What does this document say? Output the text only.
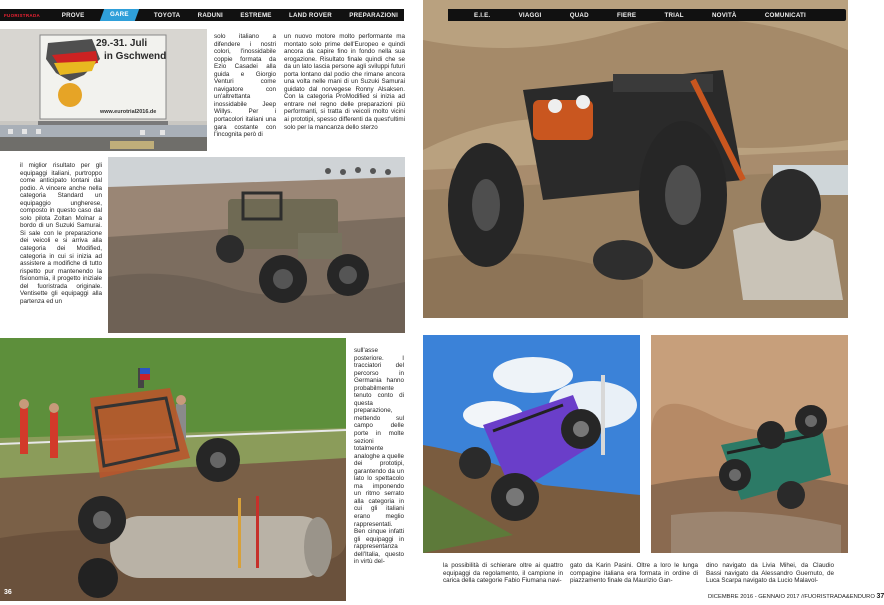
FUORISTRADA	PROVE	GARE	TOYOTA	RADUNI	ESTREME	LAND ROVER	PREPARAZIONI	E.I.E.	VIAGGI	QUAD	FIERE	TRIAL	NOVITÀ	COMUNICATI
29.-31. Juli
in Gschwend
www.eurotrial2016.de
solo italiano a difendere i nostri colori, l'inossidabile coppie formata da Ezio Casadei alla guida e Giorgio Venturi come navigatore con un'altrettanta inossidabile Jeep Willys. Per i portacolori italiani una gara costante con l'incognita però di
un nuovo motore molto performante ma montato solo prime dell'Europeo e quindi ancora da capire fino in fondo nella sua erogazione. Risultato finale quindi che se da un lato lascia persone agli sviluppi futuri porta lontano dal podio che rimane ancora una volta nelle mani di un Suzuki Samurai guidato dal norvegese Ronny Alsaksen. Con la categoria ProModified si inizia ad entrare nel regno delle preparazioni più performanti, si tratta di veicoli molto vicini ai prototipi, spesso differenti da quest'ultimi solo per la mancanza dello sterzo
il miglior risultato per gli equipaggi italiani, purtroppo come anticipato lontani dal podio. A vincere anche nella categoria Standard un equipaggio ungherese, composto in questo caso dal solo pilota Zoltan Molnar a bordo di un Suzuki Samurai. Si sale con le preparazione dei veicoli e si arriva alla categoria dei Modified, categoria in cui si inizia ad assistere a modifiche di tutto rispetto pur mantenendo la fisionomia, il progetto iniziale del fuoristrada originale. Ventisette gli equipaggi alla partenza ed un
sull'asse posteriore. I tracciatori del percorso in Germania hanno probabilmente tenuto conto di questa preparazione, mettendo sul campo delle porte in molte sezioni totalmente analoghe a quelle dei prototipi, garantendo da un lato lo spettacolo ma imponendo un ritmo serrato alla categoria in cui gli italiani erano meglio rappresentati. Ben cinque infatti gli equipaggi in rappresentanza dell'Italia, questo in virtù del-
la possibilità di schierare oltre ai quattro equipaggi da regolamento, il campione in carica della categorie Fabio Fiumana navi-
gato da Karin Pasini. Oltre a loro le lunga compagine italiana era formata in ordine di piazzamento finale da Maurizio Gan-
dino navigato da Livia Mihei, da Claudio Bassi navigato da Alessandro Guernuto, de Luca Scarpa navigato da Lucio Malavol-
36
DICEMBRE 2016 - GENNAIO 2017 //FUORISTRADA&ENDURO 37
